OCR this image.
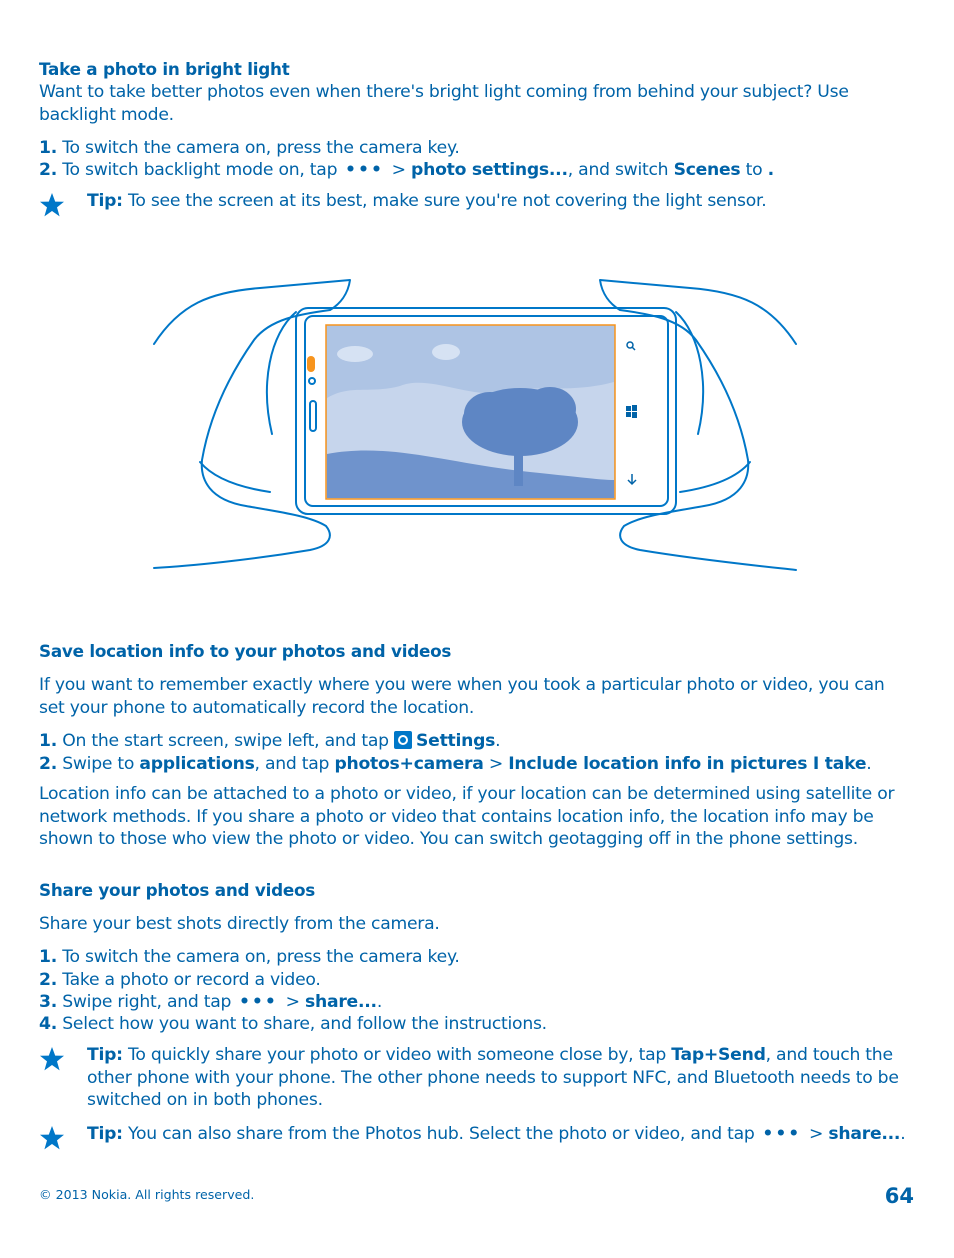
Take a photo in bright light
Want to take better photos even when there's bright light coming from behind your subject? Use backlight mode.
1. To switch the camera on, press the camera key.
2. To switch backlight mode on, tap ••• > photo settings..., and switch Scenes to .
Tip: To see the screen at its best, make sure you're not covering the light sensor.
Save location info to your photos and videos
If you want to remember exactly where you were when you took a particular photo or video, you can set your phone to automatically record the location.
1. On the start screen, swipe left, and tap Settings.
2. Swipe to applications, and tap photos+camera > Include location info in pictures I take.
Location info can be attached to a photo or video, if your location can be determined using satellite or network methods. If you share a photo or video that contains location info, the location info may be shown to those who view the photo or video. You can switch geotagging off in the phone settings.
Share your photos and videos
Share your best shots directly from the camera.
1. To switch the camera on, press the camera key.
2. Take a photo or record a video.
3. Swipe right, and tap ••• > share....
4. Select how you want to share, and follow the instructions.
Tip: To quickly share your photo or video with someone close by, tap Tap+Send, and touch the other phone with your phone. The other phone needs to support NFC, and Bluetooth needs to be switched on in both phones.
Tip: You can also share from the Photos hub. Select the photo or video, and tap ••• > share....
© 2013 Nokia. All rights reserved.	64
